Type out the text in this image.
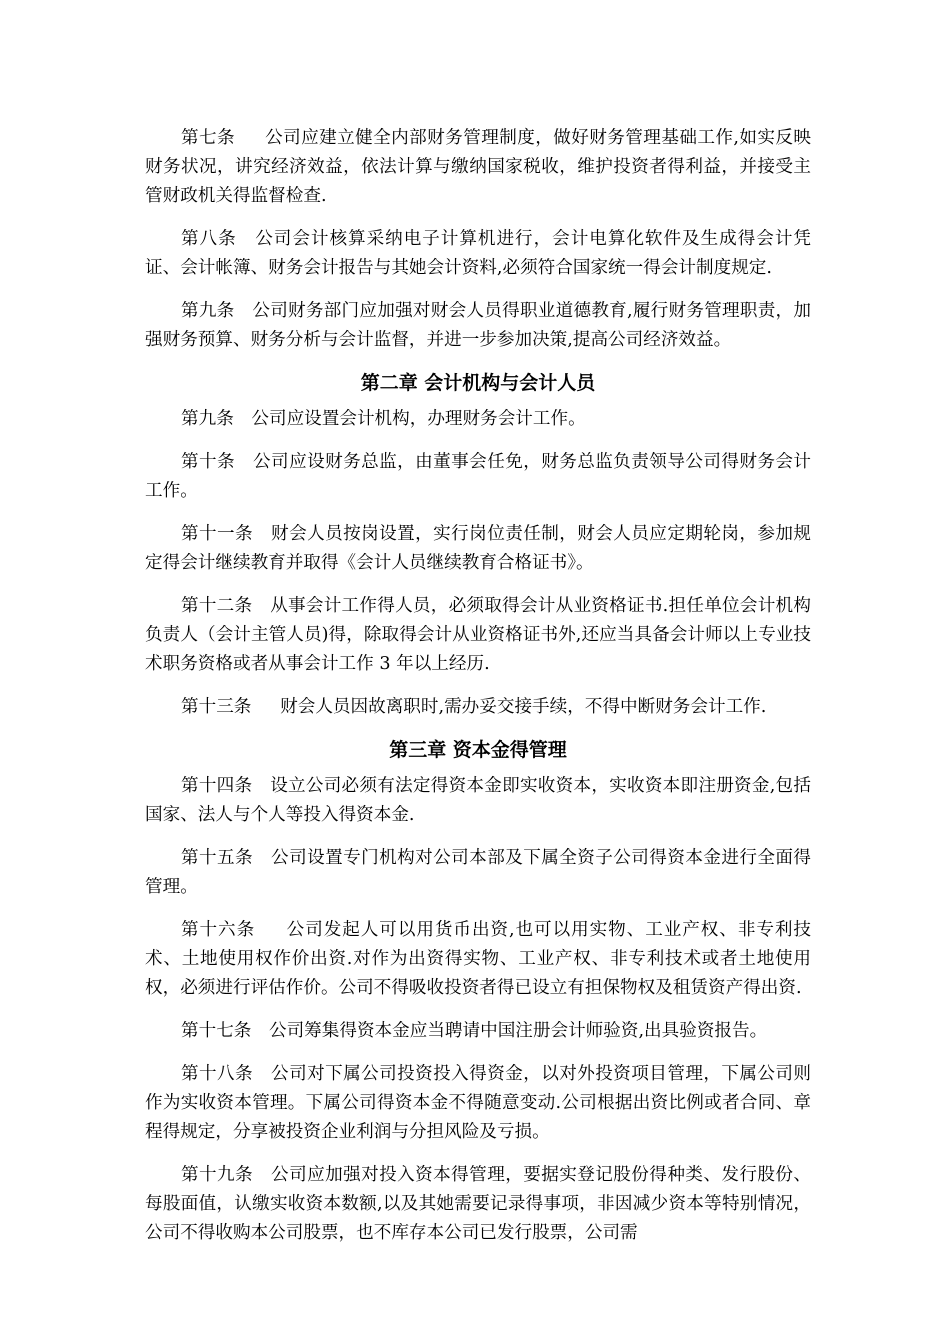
第七条　  公司应建立健全内部财务管理制度，做好财务管理基础工作,如实反映财务状况，讲究经济效益，依法计算与缴纳国家税收，维护投资者得利益，并接受主管财政机关得监督检查.

第八条　公司会计核算采纳电子计算机进行，会计电算化软件及生成得会计凭证、会计帐簿、财务会计报告与其她会计资料,必须符合国家统一得会计制度规定.

第九条　公司财务部门应加强对财会人员得职业道德教育,履行财务管理职责，加强财务预算、财务分析与会计监督，并进一步参加决策,提高公司经济效益。

第二章 会计机构与会计人员

第九条　公司应设置会计机构，办理财务会计工作。

第十条　公司应设财务总监，由董事会任免，财务总监负责领导公司得财务会计工作。

第十一条　财会人员按岗设置，实行岗位责任制，财会人员应定期轮岗，参加规定得会计继续教育并取得《会计人员继续教育合格证书》。

第十二条　从事会计工作得人员，必须取得会计从业资格证书.担任单位会计机构负责人（会计主管人员)得，除取得会计从业资格证书外,还应当具备会计师以上专业技术职务资格或者从事会计工作 3 年以上经历.

第十三条　  财会人员因故离职时,需办妥交接手续，不得中断财务会计工作.

第三章 资本金得管理

第十四条　设立公司必须有法定得资本金即实收资本，实收资本即注册资金,包括国家、法人与个人等投入得资本金.

第十五条　公司设置专门机构对公司本部及下属全资子公司得资本金进行全面得管理。

第十六条　  公司发起人可以用货币出资,也可以用实物、工业产权、非专利技术、土地使用权作价出资.对作为出资得实物、工业产权、非专利技术或者土地使用权，必须进行评估作价。公司不得吸收投资者得已设立有担保物权及租赁资产得出资.

第十七条　公司筹集得资本金应当聘请中国注册会计师验资,出具验资报告。

第十八条　公司对下属公司投资投入得资金，以对外投资项目管理，下属公司则作为实收资本管理。下属公司得资本金不得随意变动.公司根据出资比例或者合同、章程得规定，分享被投资企业利润与分担风险及亏损。

第十九条　公司应加强对投入资本得管理，要据实登记股份得种类、发行股份、每股面值，认缴实收资本数额,以及其她需要记录得事项，非因减少资本等特别情况，公司不得收购本公司股票，也不库存本公司已发行股票，公司需
